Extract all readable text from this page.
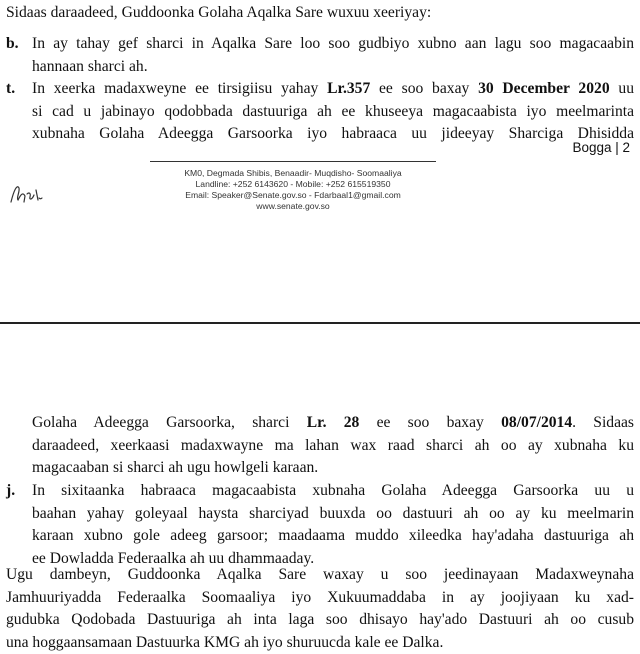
Sidaas daraadeed, Guddoonka Golaha Aqalka Sare wuxuu xeeriyay:
b. In ay tahay gef sharci in Aqalka Sare loo soo gudbiyo xubno aan lagu soo magacaabin
hannaan sharci ah.
t. In xeerka madaxweyne ee tirsigiisu yahay Lr.357 ee soo baxay 30 December 2020 uu
si cad u jabinayo qodobbada dastuuriga ah ee khuseeya magacaabista iyo meelmarinta
xubnaha Golaha Adeegga Garsoorka iyo habraaca uu jideeyay Sharciga Dhisidda
Bogga | 2
KM0, Degmada Shibis, Benaadir- Muqdisho- Soomaaliya
Landline: +252 6143620 - Mobile: +252 615519350
Email: Speaker@Senate.gov.so - Fdarbaal1@gmail.com
www.senate.gov.so
Golaha Adeegga Garsoorka, sharci Lr. 28 ee soo baxay 08/07/2014. Sidaas
daraadeed, xeerkaasi madaxwayne ma lahan wax raad sharci ah oo ay xubnaha ku
magacaaban si sharci ah ugu howlgeli karaan.
j. In sixitaanka habraaca magacaabista xubnaha Golaha Adeegga Garsoorka uu u
baahan yahay goleyaal haysta sharciyad buuxda oo dastuuri ah oo ay ku meelmarin
karaan xubno gole adeeg garsoor; maadaama muddo xileedka hay'adaha dastuuriga ah
ee Dowladda Federaalka ah uu dhammaaday.
Ugu dambeyn, Guddoonka Aqalka Sare waxay u soo jeedinayaan Madaxweynaha
Jamhuuriyadda Federaalka Soomaaliya iyo Xukuumaddaba in ay joojiyaan ku xad-
gudubka Qodobada Dastuuriga ah inta laga soo dhisayo hay'ado Dastuuri ah oo cusub
una hoggaansamaan Dastuurka KMG ah iyo shuruucda kale ee Dalka.
